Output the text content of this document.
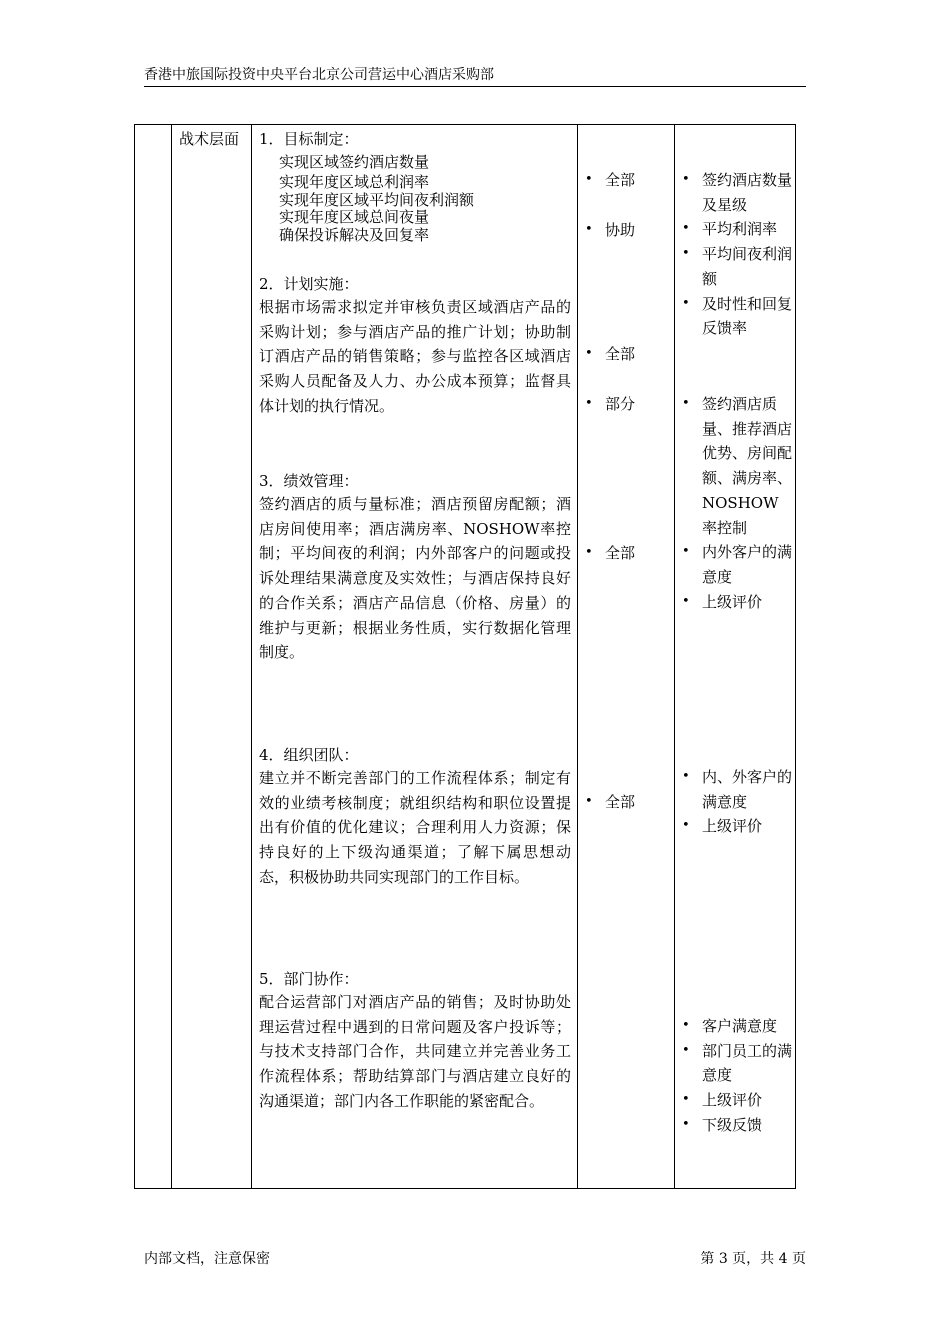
香港中旅国际投资中央平台北京公司营运中心酒店采购部
战术层面	1．目标制定：
实现区域签约酒店数量
实现年度区域总利润率
实现年度区域平均间夜利润额
实现年度区域总间夜量
确保投诉解决及回复率
2．计划实施：
根据市场需求拟定并审核负责区域酒店产品的采购计划；参与酒店产品的推广计划；协助制订酒店产品的销售策略；参与监控各区域酒店采购人员配备及人力、办公成本预算；监督具体计划的执行情况。
3．绩效管理：
签约酒店的质与量标准；酒店预留房配额；酒店房间使用率；酒店满房率、NOSHOW率控制；平均间夜的利润；内外部客户的问题或投诉处理结果满意度及实效性；与酒店保持良好的合作关系；酒店产品信息（价格、房量）的维护与更新；根据业务性质，实行数据化管理制度。
4．组织团队：
建立并不断完善部门的工作流程体系；制定有效的业绩考核制度；就组织结构和职位设置提出有价值的优化建议；合理利用人力资源；保持良好的上下级沟通渠道；了解下属思想动态，积极协助共同实现部门的工作目标。
5．部门协作：
配合运营部门对酒店产品的销售；及时协助处理运营过程中遇到的日常问题及客户投诉等；与技术支持部门合作，共同建立并完善业务工作流程体系；帮助结算部门与酒店建立良好的沟通渠道；部门内各工作职能的紧密配合。
• 全部
• 协助
• 全部
• 部分
• 全部
• 全部
• 签约酒店数量及星级
• 平均利润率
• 平均间夜利润额
• 及时性和回复反馈率
• 签约酒店质量、推荐酒店优势、房间配额、满房率、NOSHOW率控制
• 内外客户的满意度
• 上级评价
• 内、外客户的满意度
• 上级评价
• 客户满意度
• 部门员工的满意度
• 上级评价
• 下级反馈
内部文档，注意保密	第 3 页，共 4 页
